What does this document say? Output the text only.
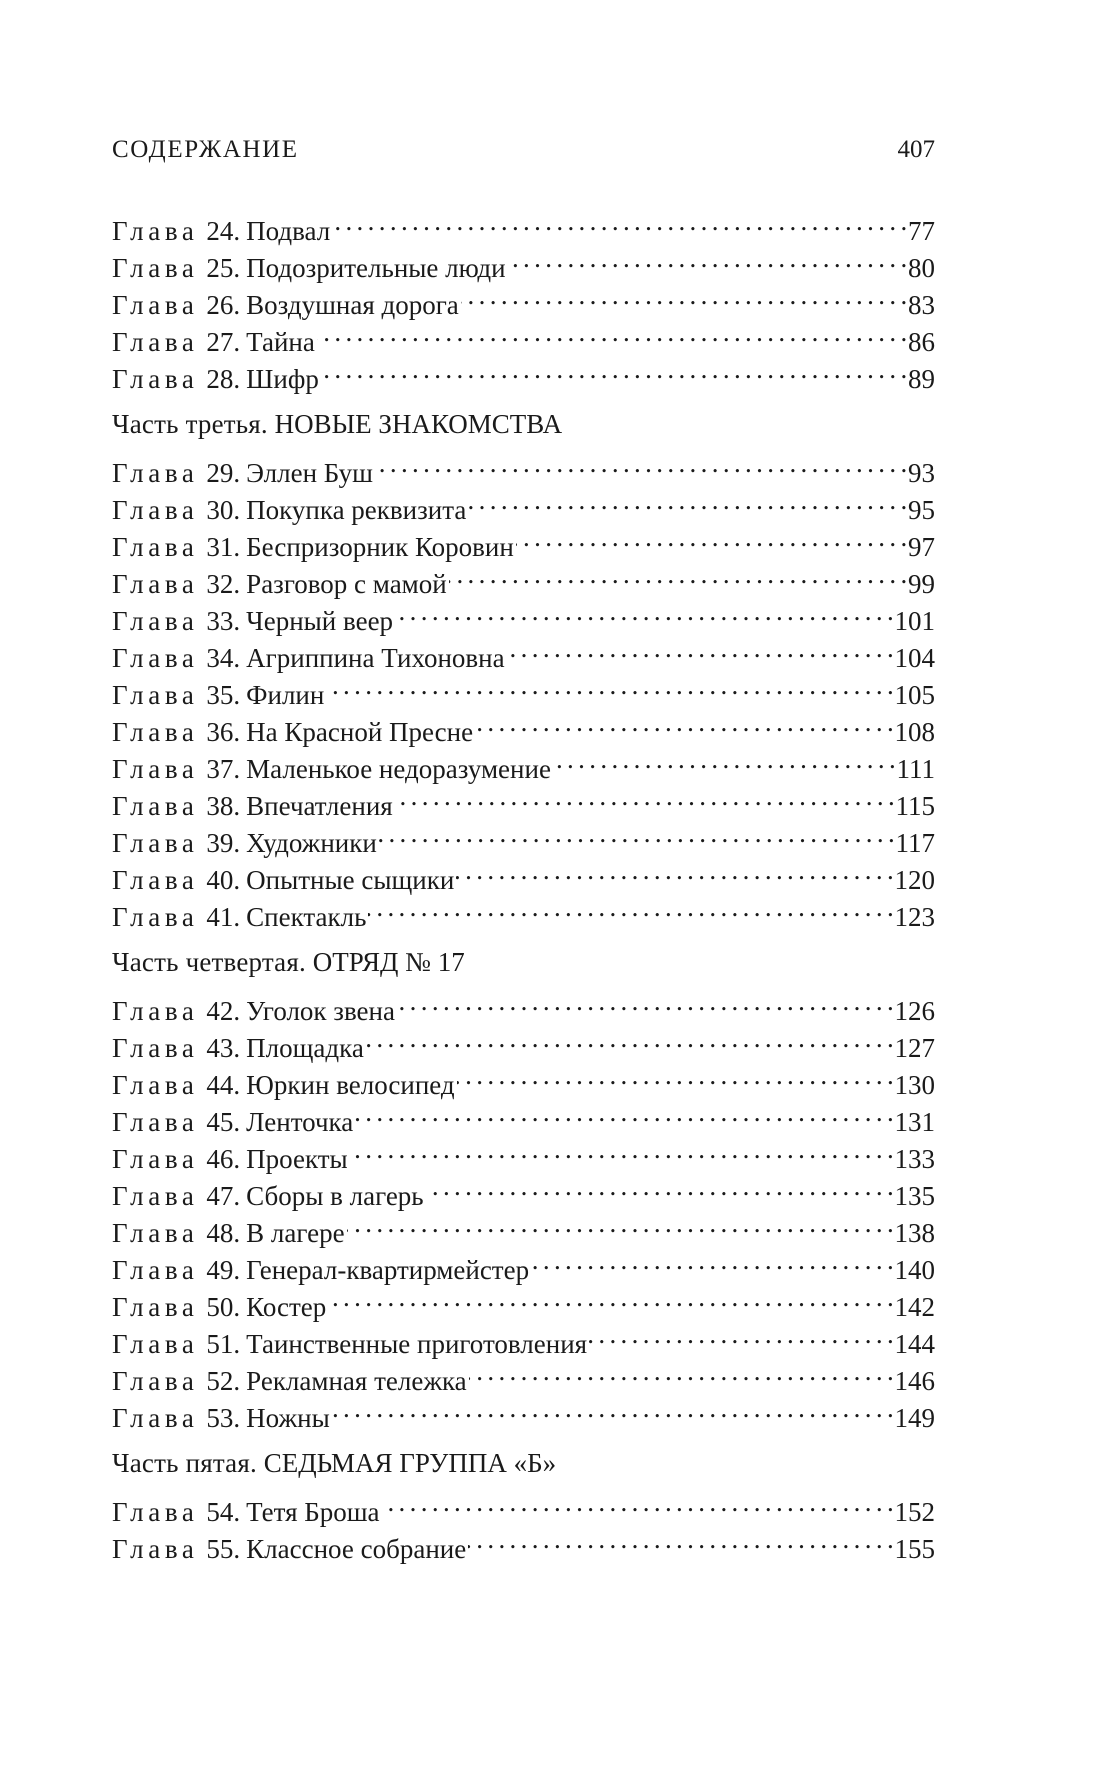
СОДЕРЖАНИЕ	407
Глава 24. Подвал . . .	77
Глава 25. Подозрительные люди . . .	80
Глава 26. Воздушная дорога . . .	83
Глава 27. Тайна . . .	86
Глава 28. Шифр . . .	89
Часть третья. НОВЫЕ ЗНАКОМСТВА
Глава 29. Эллен Буш . . .	93
Глава 30. Покупка реквизита . . .	95
Глава 31. Беспризорник Коровин . . .	97
Глава 32. Разговор с мамой . . .	99
Глава 33. Черный веер . . .	101
Глава 34. Агриппина Тихоновна . . .	104
Глава 35. Филин . . .	105
Глава 36. На Красной Пресне . . .	108
Глава 37. Маленькое недоразумение . . .	111
Глава 38. Впечатления . . .	115
Глава 39. Художники . . .	117
Глава 40. Опытные сыщики . . .	120
Глава 41. Спектакль . . .	123
Часть четвертая. ОТРЯД № 17
Глава 42. Уголок звена . . .	126
Глава 43. Площадка . . .	127
Глава 44. Юркин велосипед . . .	130
Глава 45. Ленточка . . .	131
Глава 46. Проекты . . .	133
Глава 47. Сборы в лагерь . . .	135
Глава 48. В лагере . . .	138
Глава 49. Генерал-квартирмейстер . . .	140
Глава 50. Костер . . .	142
Глава 51. Таинственные приготовления . . .	144
Глава 52. Рекламная тележка . . .	146
Глава 53. Ножны . . .	149
Часть пятая. СЕДЬМАЯ ГРУППА «Б»
Глава 54. Тетя Броша . . .	152
Глава 55. Классное собрание . . .	155
